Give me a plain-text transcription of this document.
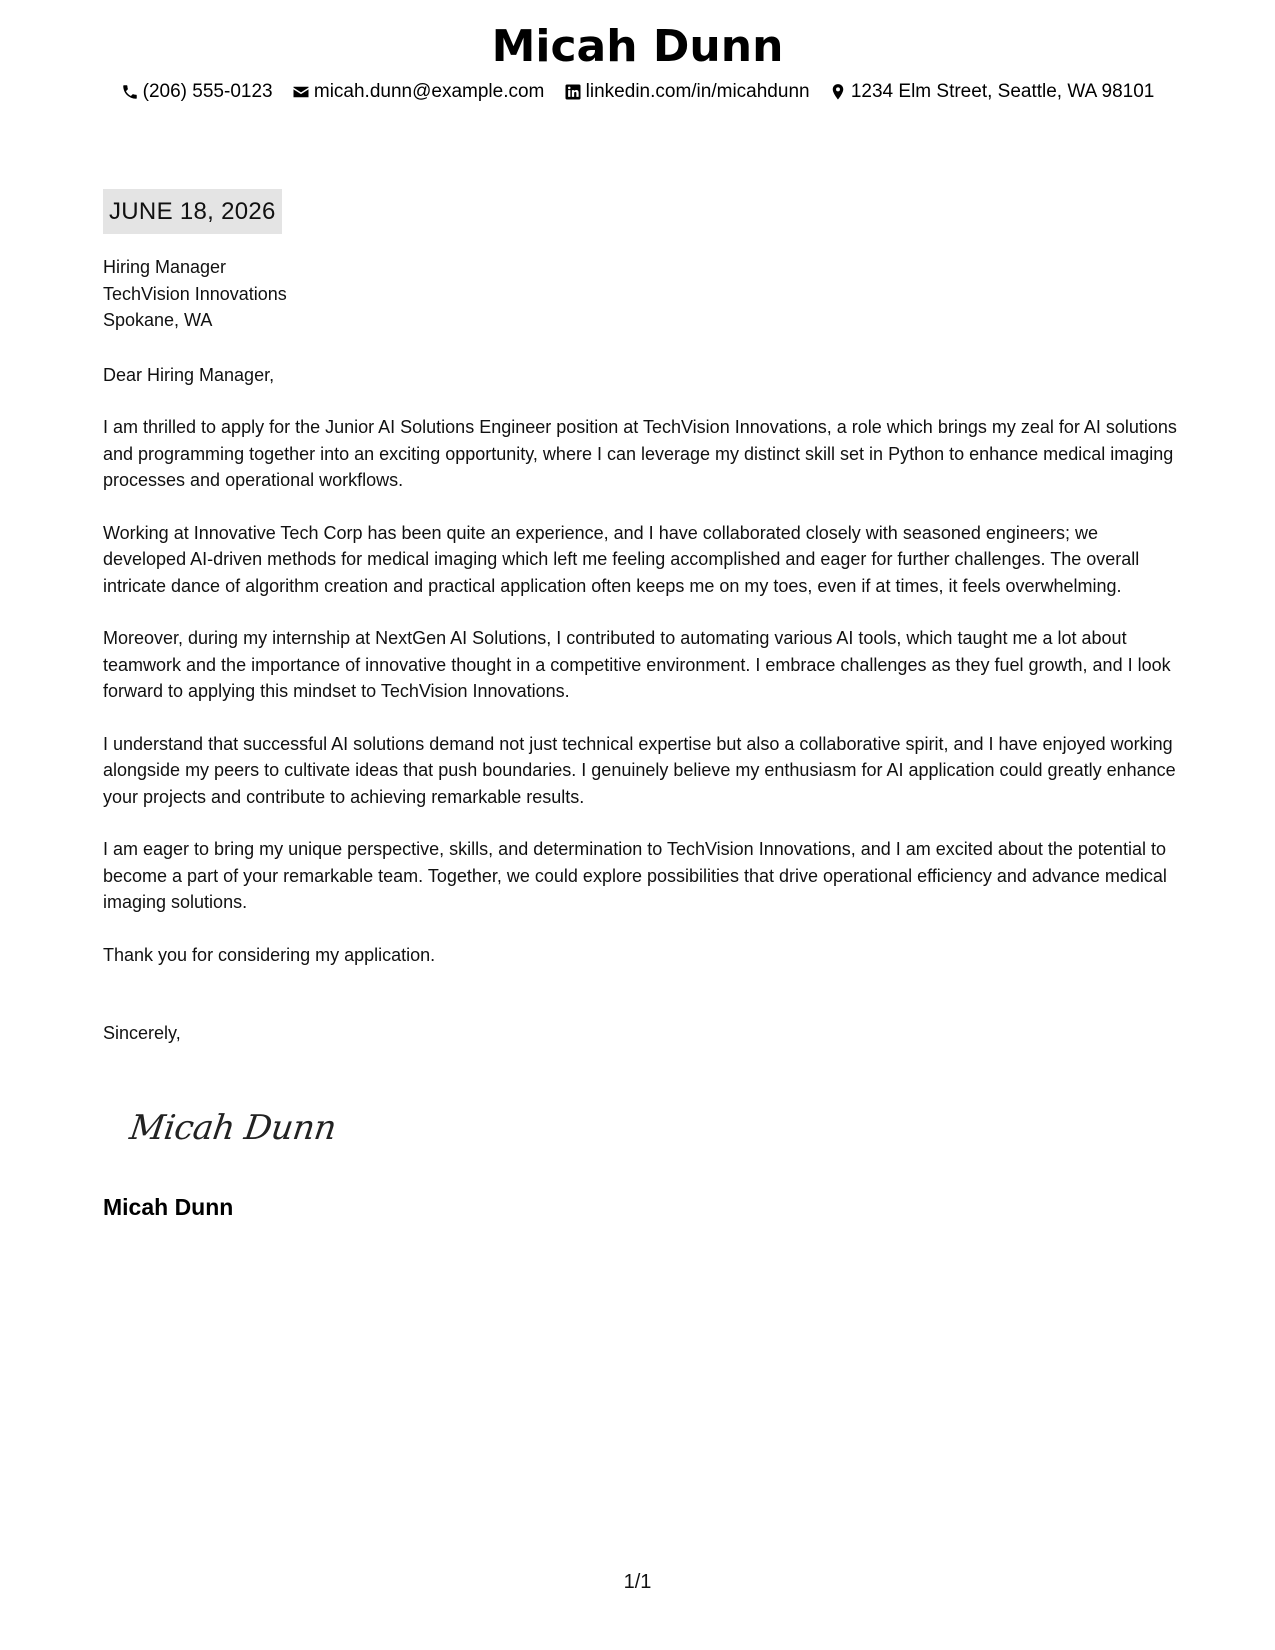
Micah Dunn
(206) 555-0123
micah.dunn@example.com
linkedin.com/in/micahdunn
1234 Elm Street, Seattle, WA 98101
JUNE 18, 2026
Hiring Manager
TechVision Innovations
Spokane, WA

Dear Hiring Manager,

I am thrilled to apply for the Junior AI Solutions Engineer position at TechVision Innovations, a role which brings my zeal for AI solutions and programming together into an exciting opportunity, where I can leverage my distinct skill set in Python to enhance medical imaging processes and operational workflows.

Working at Innovative Tech Corp has been quite an experience, and I have collaborated closely with seasoned engineers; we developed AI-driven methods for medical imaging which left me feeling accomplished and eager for further challenges. The overall intricate dance of algorithm creation and practical application often keeps me on my toes, even if at times, it feels overwhelming.

Moreover, during my internship at NextGen AI Solutions, I contributed to automating various AI tools, which taught me a lot about teamwork and the importance of innovative thought in a competitive environment. I embrace challenges as they fuel growth, and I look forward to applying this mindset to TechVision Innovations.

I understand that successful AI solutions demand not just technical expertise but also a collaborative spirit, and I have enjoyed working alongside my peers to cultivate ideas that push boundaries. I genuinely believe my enthusiasm for AI application could greatly enhance your projects and contribute to achieving remarkable results.

I am eager to bring my unique perspective, skills, and determination to TechVision Innovations, and I am excited about the potential to become a part of your remarkable team. Together, we could explore possibilities that drive operational efficiency and advance medical imaging solutions.

Thank you for considering my application.

Sincerely,

Micah Dunn
Micah Dunn
1/1
